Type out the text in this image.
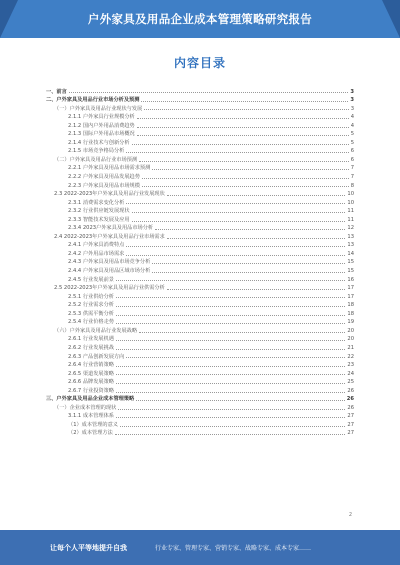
户外家具及用品企业成本管理策略研究报告
内容目录
一、前言	3
二、户外家具及用品行业市场分析及预测	3
（一）户外家具及用品行业现状与发展	3
2.1.1 户外家具行业规模分析	4
2.1.2 国内户外用品消费趋势	4
2.1.3 国际户外用品市场概况	5
2.1.4 行业技术与创新分析	5
2.1.5 市场竞争格局分析	6
（二）户外家具及用品行业市场预测	6
2.2.1 户外家具及用品市场需求预测	7
2.2.2 户外家具及用品发展趋势	7
2.2.3 户外家具及用品市场规模	8
2.3 2022-2023年户外家具及用品行业发展现状	10
2.3.1 消费需求变化分析	10
2.3.2 行业供应链发展现状	11
2.3.3 智能技术发展及应用	11
2.3.4 2023户外家具及用品市场分析	12
2.4 2022-2023年户外家具及用品行业市场需求	13
2.4.1 户外家具消费特点	13
2.4.2 户外用品市场需求	14
2.4.3 户外家具及用品市场竞争分析	15
2.4.4 户外家具及用品区域市场分析	15
2.4.5 行业发展前景	16
2.5 2022-2023年户外家具及用品行业供需分析	17
2.5.1 行业供给分析	17
2.5.2 行业需求分析	18
2.5.3 供需平衡分析	18
2.5.4 行业价格走势	19
（六）户外家具及用品行业发展战略	20
2.6.1 行业发展机遇	20
2.6.2 行业发展挑战	21
2.6.3 产品创新发展方向	22
2.6.4 行业营销策略	23
2.6.5 渠道发展策略	24
2.6.6 品牌发展策略	25
2.6.7 行业投资策略	26
三、户外家具及用品企业成本管理策略	26
（一）企业成本管理的现状	26
3.1.1 成本管理体系	27
（1）成本管理的意义	27
（2）成本管理方法	27
2
让每个人平等地提升自我	行业专家、管理专家、营销专家、战略专家、成本专家……
